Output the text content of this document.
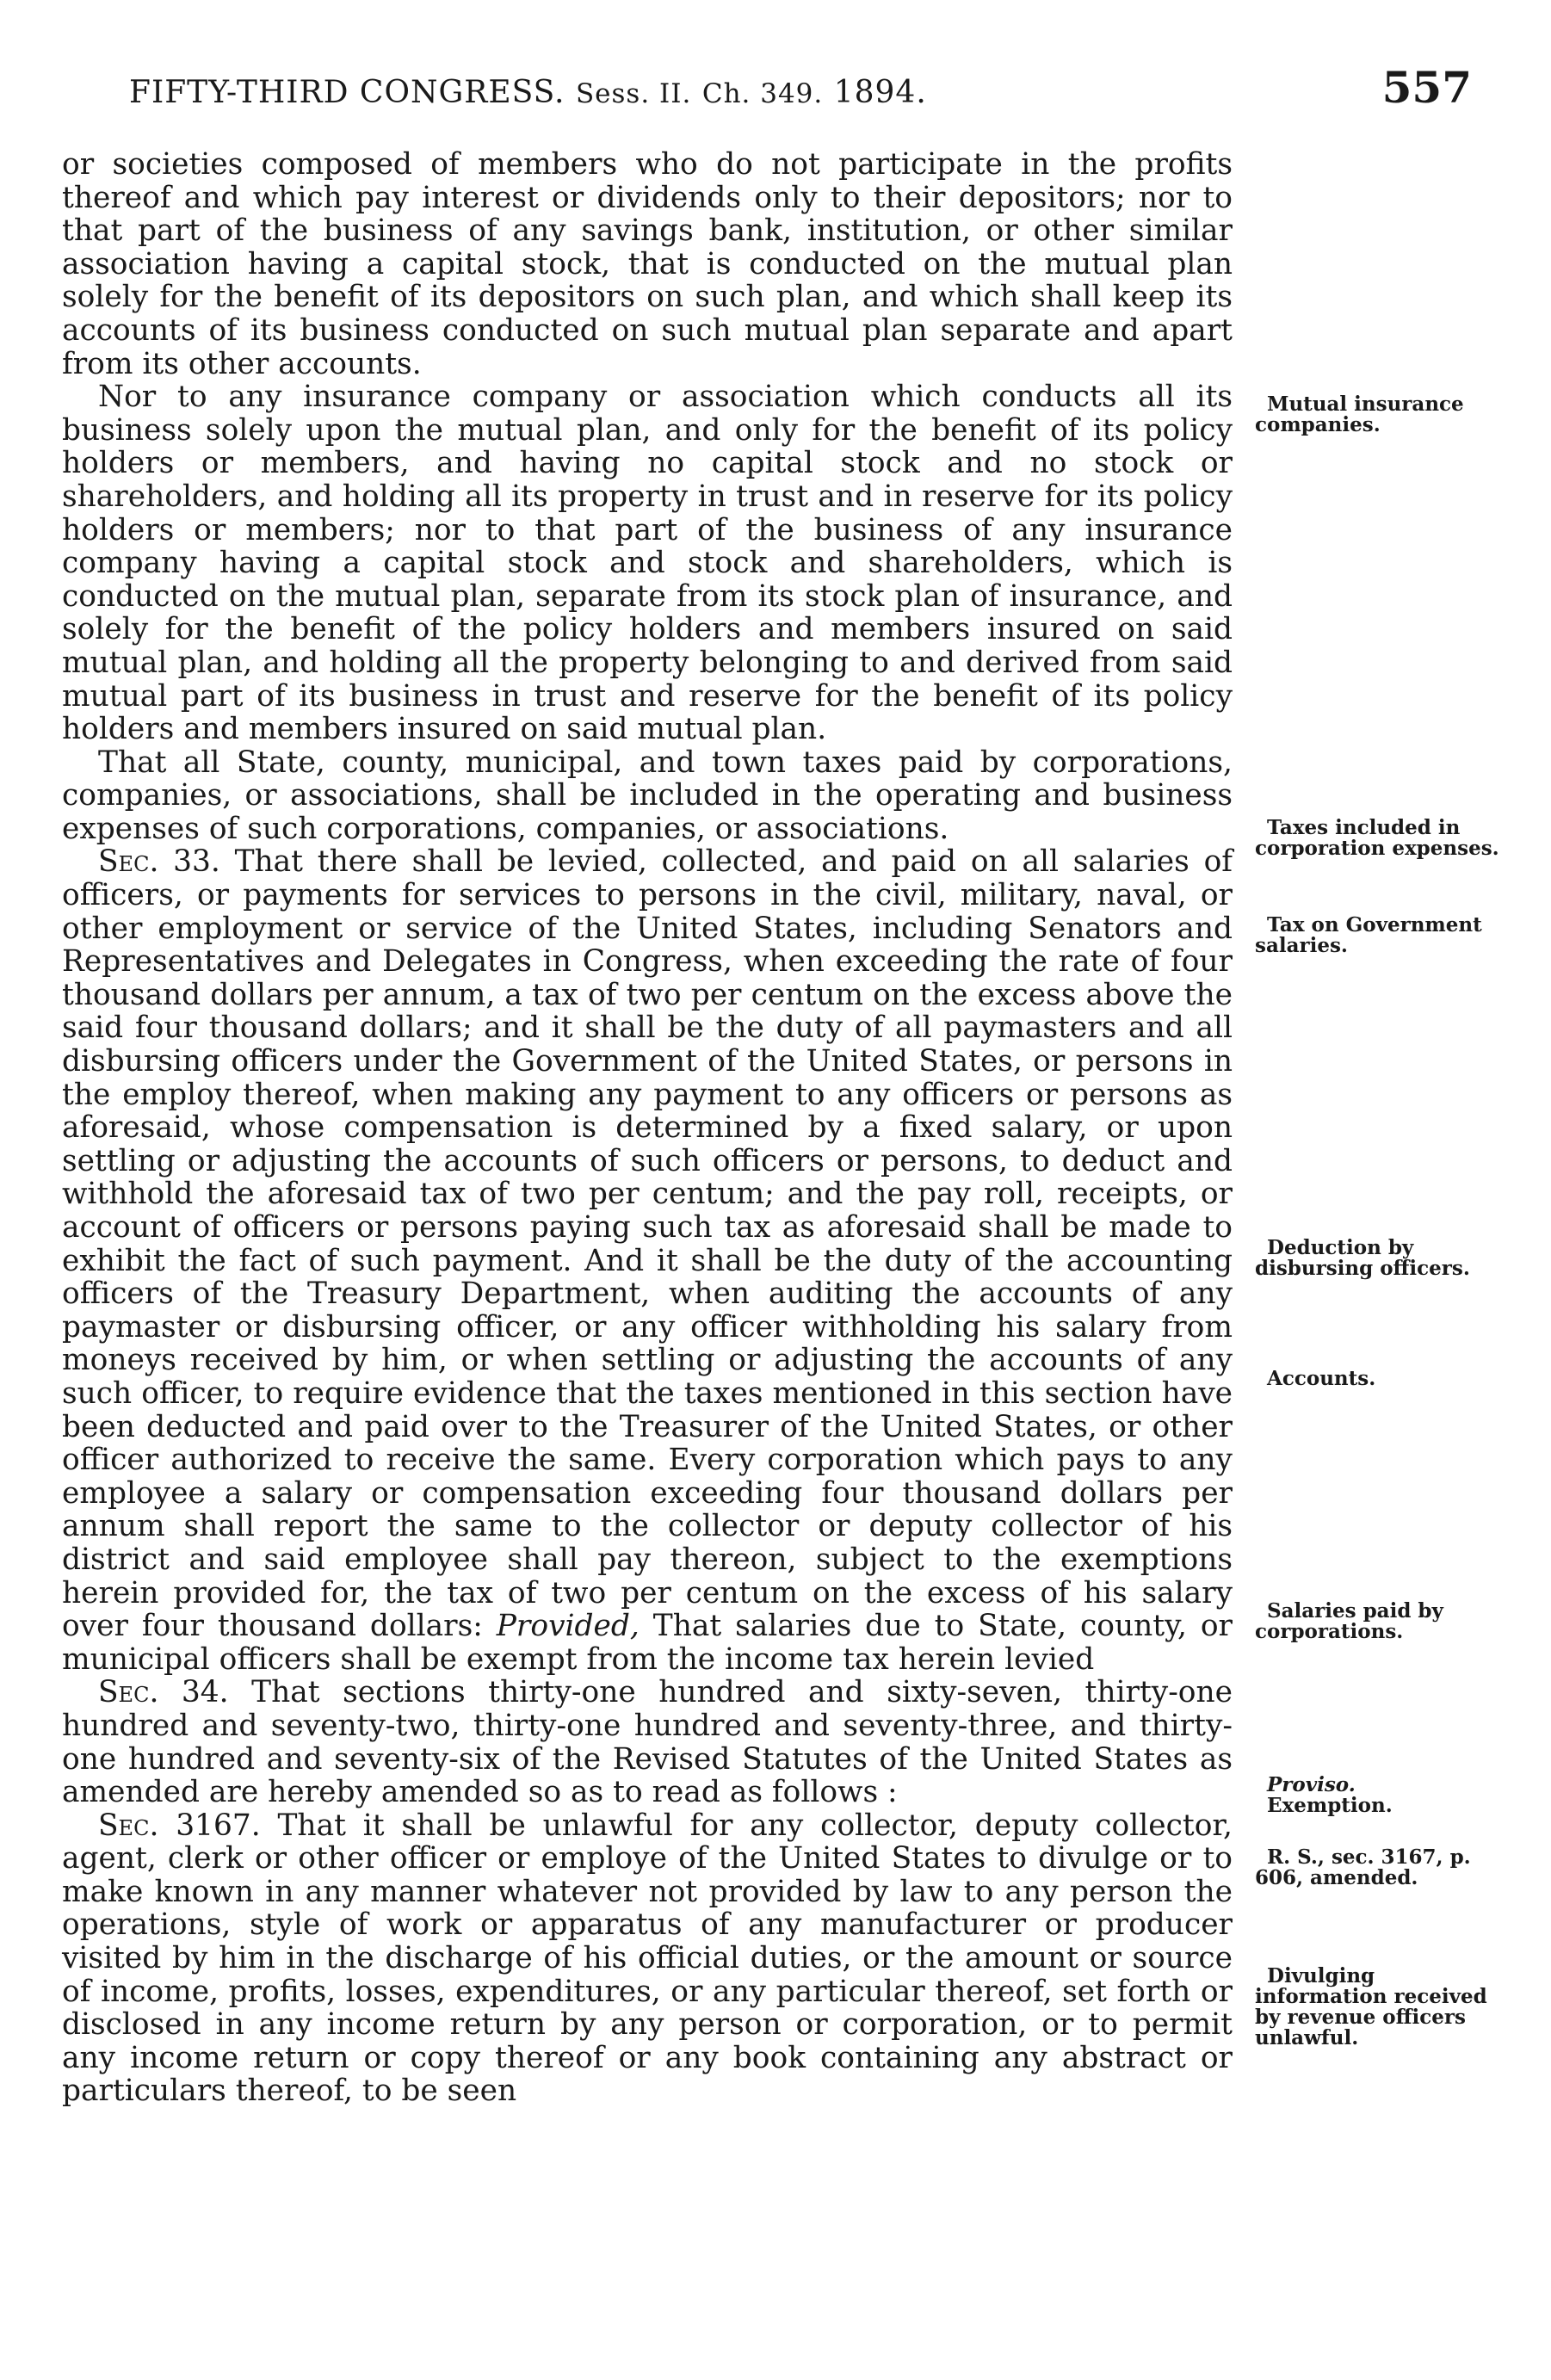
FIFTY-THIRD CONGRESS. Sess. II. Ch. 349. 1894.	557

or societies composed of members who do not participate in the profits thereof and which pay interest or dividends only to their depositors; nor to that part of the business of any savings bank, institution, or other similar association having a capital stock, that is conducted on the mutual plan solely for the benefit of its depositors on such plan, and which shall keep its accounts of its business conducted on such mutual plan separate and apart from its other accounts.

Nor to any insurance company or association which conducts all its business solely upon the mutual plan, and only for the benefit of its policy holders or members, and having no capital stock and no stock or shareholders, and holding all its property in trust and in reserve for its policy holders or members; nor to that part of the business of any insurance company having a capital stock and stock and shareholders, which is conducted on the mutual plan, separate from its stock plan of insurance, and solely for the benefit of the policy holders and members insured on said mutual plan, and holding all the property belonging to and derived from said mutual part of its business in trust and reserve for the benefit of its policy holders and members insured on said mutual plan.

That all State, county, municipal, and town taxes paid by corporations, companies, or associations, shall be included in the operating and business expenses of such corporations, companies, or associations.

Sec. 33. That there shall be levied, collected, and paid on all salaries of officers, or payments for services to persons in the civil, military, naval, or other employment or service of the United States, including Senators and Representatives and Delegates in Congress, when exceeding the rate of four thousand dollars per annum, a tax of two per centum on the excess above the said four thousand dollars; and it shall be the duty of all paymasters and all disbursing officers under the Government of the United States, or persons in the employ thereof, when making any payment to any officers or persons as aforesaid, whose compensation is determined by a fixed salary, or upon settling or adjusting the accounts of such officers or persons, to deduct and withhold the aforesaid tax of two per centum; and the pay roll, receipts, or account of officers or persons paying such tax as aforesaid shall be made to exhibit the fact of such payment. And it shall be the duty of the accounting officers of the Treasury Department, when auditing the accounts of any paymaster or disbursing officer, or any officer withholding his salary from moneys received by him, or when settling or adjusting the accounts of any such officer, to require evidence that the taxes mentioned in this section have been deducted and paid over to the Treasurer of the United States, or other officer authorized to receive the same. Every corporation which pays to any employee a salary or compensation exceeding four thousand dollars per annum shall report the same to the collector or deputy collector of his district and said employee shall pay thereon, subject to the exemptions herein provided for, the tax of two per centum on the excess of his salary over four thousand dollars: Provided, That salaries due to State, county, or municipal officers shall be exempt from the income tax herein levied

Sec. 34. That sections thirty-one hundred and sixty-seven, thirty-one hundred and seventy-two, thirty-one hundred and seventy-three, and thirty-one hundred and seventy-six of the Revised Statutes of the United States as amended are hereby amended so as to read as follows :

Sec. 3167. That it shall be unlawful for any collector, deputy collector, agent, clerk or other officer or employe of the United States to divulge or to make known in any manner whatever not provided by law to any person the operations, style of work or apparatus of any manufacturer or producer visited by him in the discharge of his official duties, or the amount or source of income, profits, losses, expenditures, or any particular thereof, set forth or disclosed in any income return by any person or corporation, or to permit any income return or copy thereof or any book containing any abstract or particulars thereof, to be seen

Mutual insurance companies.

Taxes included in corporation expenses.

Tax on Government salaries.

Deduction by disbursing officers.

Accounts.

Salaries paid by corporations.

Proviso.

Exemption.

R. S., sec. 3167, p. 606, amended.

Divulging information received by revenue officers unlawful.
